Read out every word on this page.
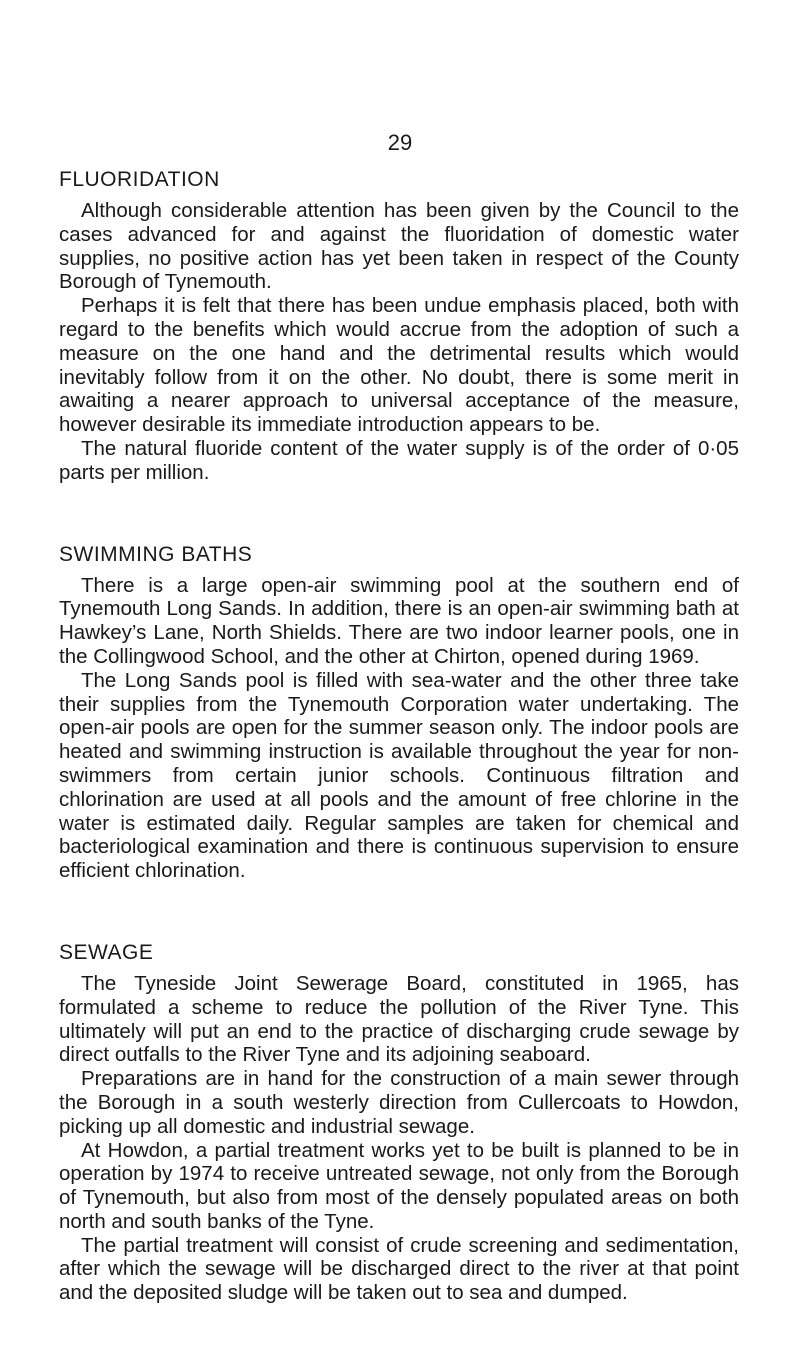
29
FLUORIDATION

Although considerable attention has been given by the Council to the cases advanced for and against the fluoridation of domestic water supplies, no positive action has yet been taken in respect of the County Borough of Tynemouth.

Perhaps it is felt that there has been undue emphasis placed, both with regard to the benefits which would accrue from the adoption of such a measure on the one hand and the detrimental results which would inevitably follow from it on the other. No doubt, there is some merit in awaiting a nearer approach to universal acceptance of the measure, however desirable its immediate introduction appears to be.

The natural fluoride content of the water supply is of the order of 0·05 parts per million.

SWIMMING BATHS

There is a large open-air swimming pool at the southern end of Tynemouth Long Sands. In addition, there is an open-air swimming bath at Hawkey’s Lane, North Shields. There are two indoor learner pools, one in the Collingwood School, and the other at Chirton, opened during 1969.

The Long Sands pool is filled with sea-water and the other three take their supplies from the Tynemouth Corporation water undertaking. The open-air pools are open for the summer season only. The indoor pools are heated and swimming instruction is available throughout the year for non-swimmers from certain junior schools. Continuous filtration and chlorination are used at all pools and the amount of free chlorine in the water is estimated daily. Regular samples are taken for chemical and bacteriological examination and there is continuous supervision to ensure efficient chlorination.

SEWAGE

The Tyneside Joint Sewerage Board, constituted in 1965, has formulated a scheme to reduce the pollution of the River Tyne. This ultimately will put an end to the practice of discharging crude sewage by direct outfalls to the River Tyne and its adjoining seaboard.

Preparations are in hand for the construction of a main sewer through the Borough in a south westerly direction from Cullercoats to Howdon, picking up all domestic and industrial sewage.

At Howdon, a partial treatment works yet to be built is planned to be in operation by 1974 to receive untreated sewage, not only from the Borough of Tynemouth, but also from most of the densely populated areas on both north and south banks of the Tyne.

The partial treatment will consist of crude screening and sedimentation, after which the sewage will be discharged direct to the river at that point and the deposited sludge will be taken out to sea and dumped.
